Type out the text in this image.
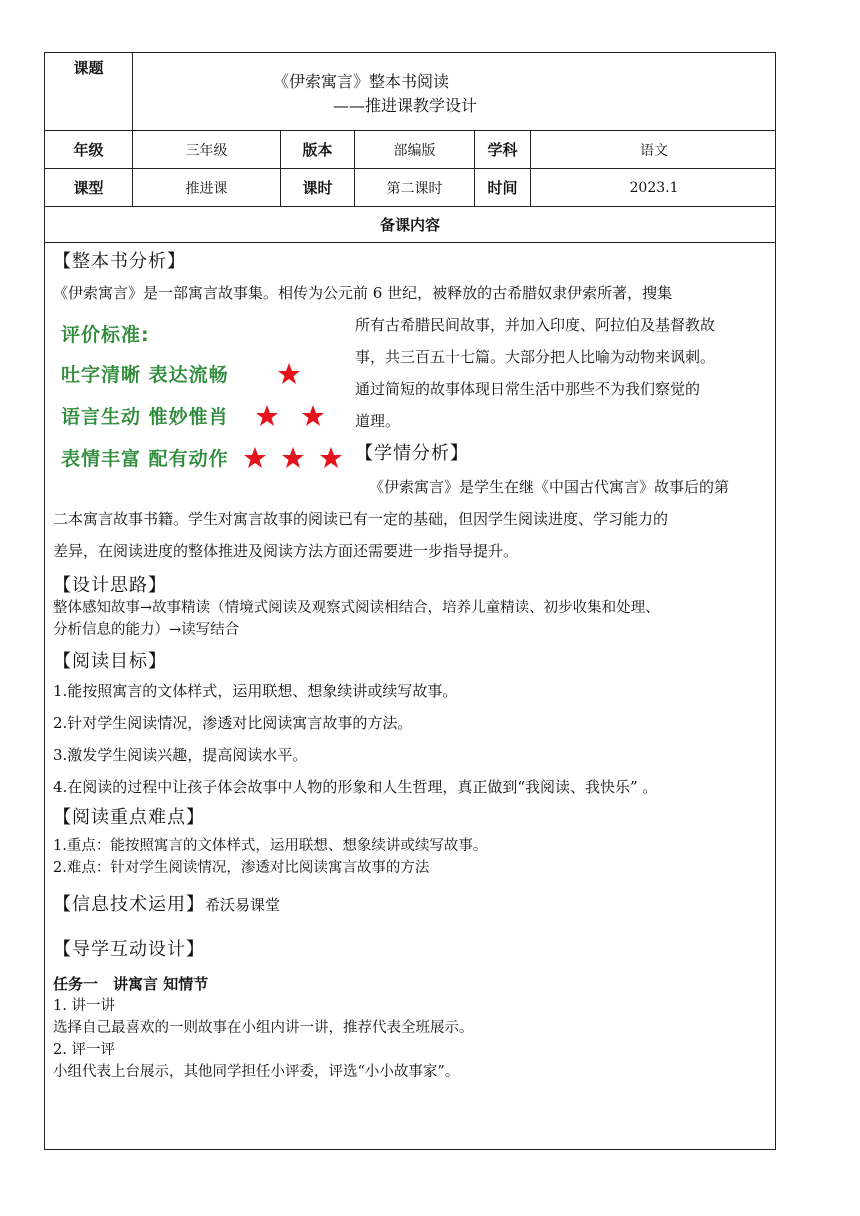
课题
《伊索寓言》整本书阅读
——推进课教学设计
年级	三年级	版本	部编版	学科	语文
课型	推进课	课时	第二课时	时间	2023.1
备课内容
【整本书分析】
《伊索寓言》是一部寓言故事集。相传为公元前 6 世纪，被释放的古希腊奴隶伊索所著，搜集
评价标准:
吐字清晰 表达流畅
语言生动 惟妙惟肖
表情丰富 配有动作
所有古希腊民间故事，并加入印度、阿拉伯及基督教故
事，共三百五十七篇。大部分把人比喻为动物来讽刺。
通过简短的故事体现日常生活中那些不为我们察觉的
道理。
【学情分析】
《伊索寓言》是学生在继《中国古代寓言》故事后的第
二本寓言故事书籍。学生对寓言故事的阅读已有一定的基础，但因学生阅读进度、学习能力的
差异，在阅读进度的整体推进及阅读方法方面还需要进一步指导提升。
【设计思路】
整体感知故事→故事精读（情境式阅读及观察式阅读相结合，培养儿童精读、初步收集和处理、
分析信息的能力）→读写结合
【阅读目标】
1.能按照寓言的文体样式，运用联想、想象续讲或续写故事。
2.针对学生阅读情况，渗透对比阅读寓言故事的方法。
3.激发学生阅读兴趣，提高阅读水平。
4.在阅读的过程中让孩子体会故事中人物的形象和人生哲理，真正做到“我阅读、我快乐” 。
【阅读重点难点】
1.重点：能按照寓言的文体样式，运用联想、想象续讲或续写故事。
2.难点：针对学生阅读情况，渗透对比阅读寓言故事的方法
【信息技术运用】希沃易课堂
【导学互动设计】
任务一　讲寓言 知情节
1. 讲一讲
选择自己最喜欢的一则故事在小组内讲一讲，推荐代表全班展示。
2. 评一评
小组代表上台展示，其他同学担任小评委，评选“小小故事家”。
